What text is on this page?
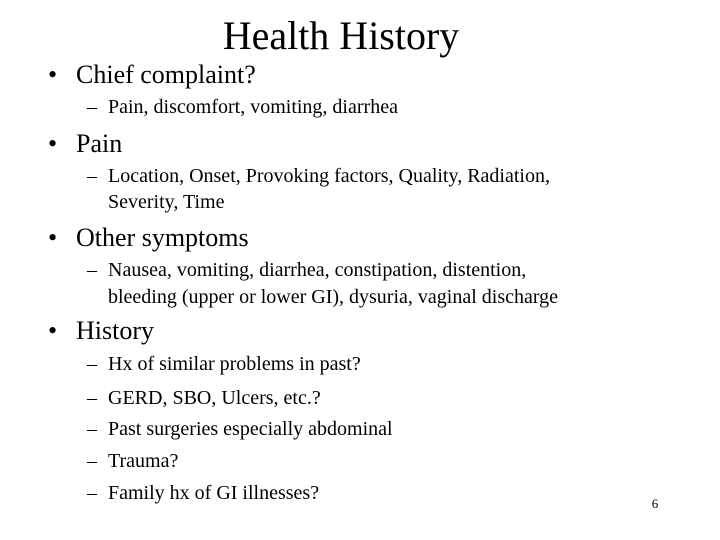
Health History
• Chief complaint?
– Pain, discomfort, vomiting, diarrhea
• Pain
– Location, Onset, Provoking factors, Quality, Radiation,
Severity, Time
• Other symptoms
– Nausea, vomiting, diarrhea, constipation, distention,
bleeding (upper or lower GI), dysuria, vaginal discharge
• History
– Hx of similar problems in past?
– GERD, SBO, Ulcers, etc.?
– Past surgeries especially abdominal
– Trauma?
– Family hx of GI illnesses?	6
